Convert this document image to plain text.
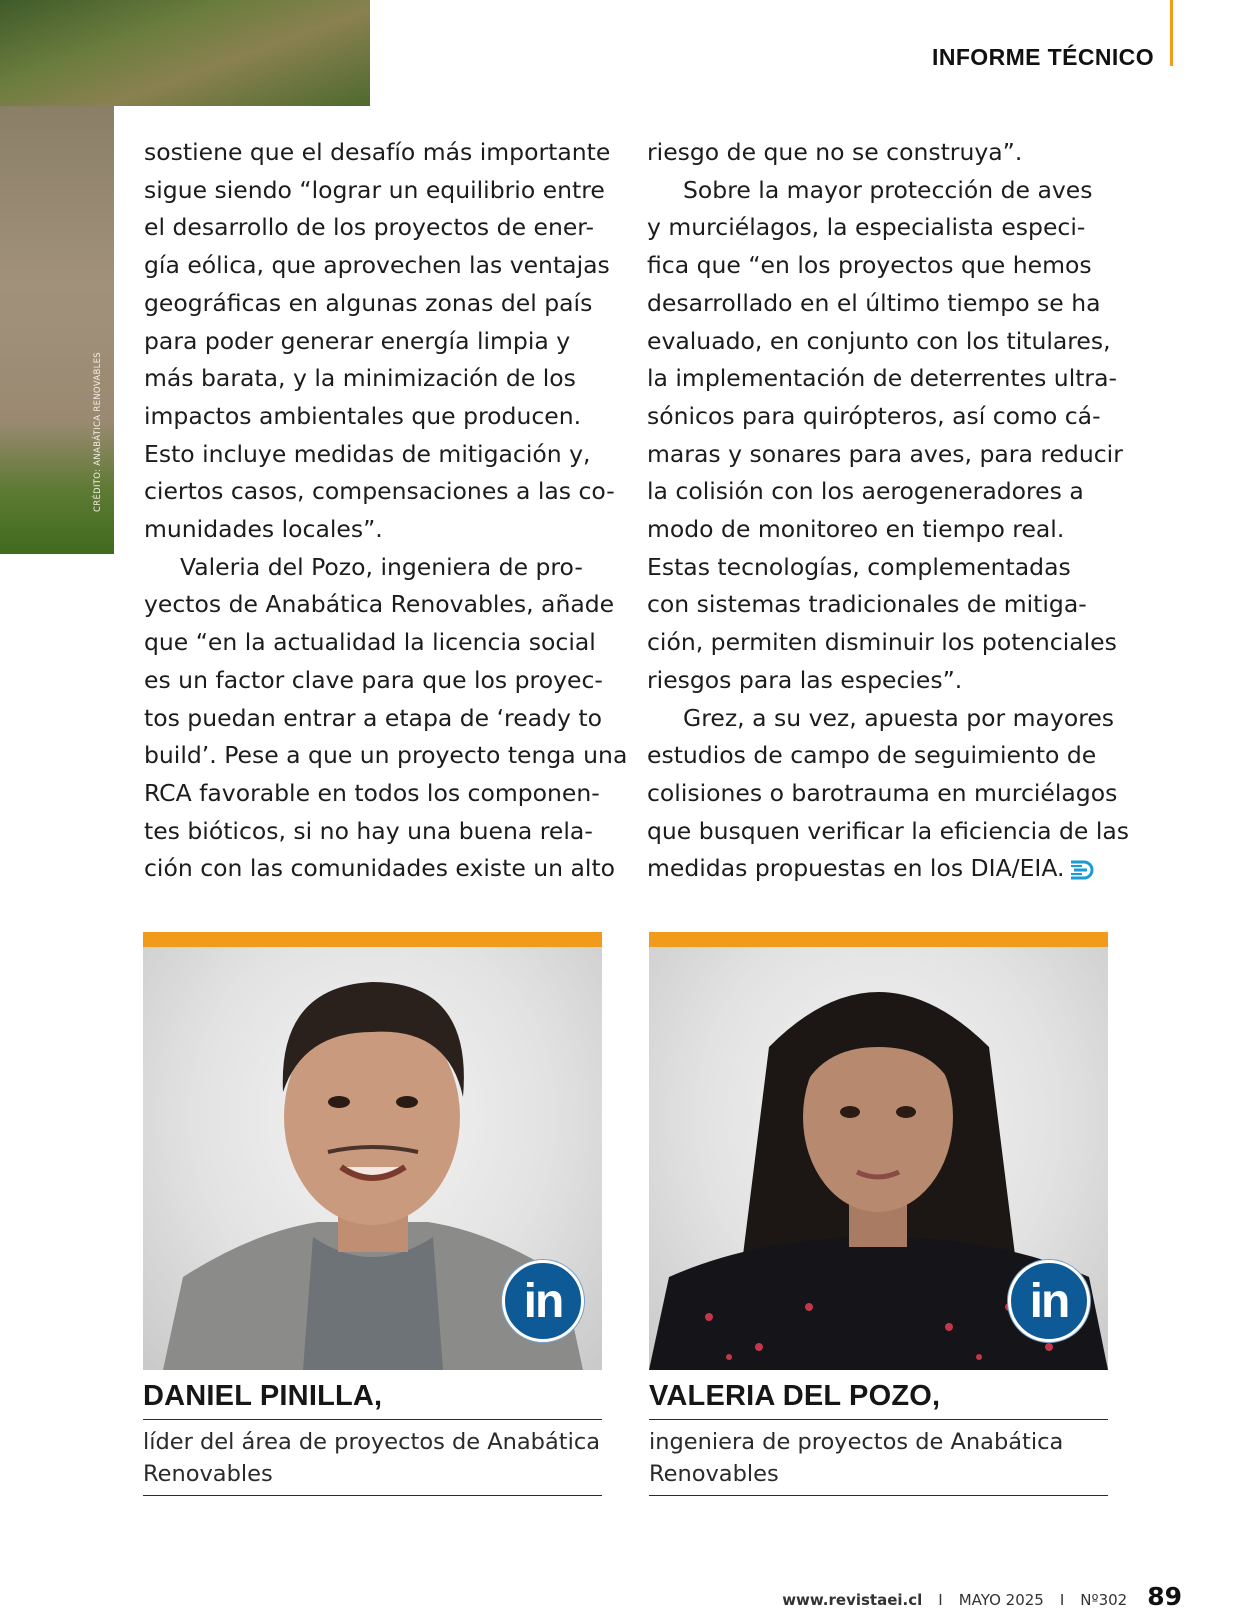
CRÉDITO: ANABÁTICA RENOVABLES
INFORME TÉCNICO

sostiene que el desafío más importante

sigue siendo “lograr un equilibrio entre

el desarrollo de los proyectos de ener-

gía eólica, que aprovechen las ventajas

geográficas en algunas zonas del país

para poder generar energía limpia y

más barata, y la minimización de los

impactos ambientales que producen.

Esto incluye medidas de mitigación y,

ciertos casos, compensaciones a las co-

munidades locales”.

Valeria del Pozo, ingeniera de pro-

yectos de Anabática Renovables, añade

que “en la actualidad la licencia social

es un factor clave para que los proyec-

tos puedan entrar a etapa de ‘ready to

build’. Pese a que un proyecto tenga una

RCA favorable en todos los componen-

tes bióticos, si no hay una buena rela-

ción con las comunidades existe un alto

riesgo de que no se construya”.

Sobre la mayor protección de aves

y murciélagos, la especialista especi-

fica que “en los proyectos que hemos

desarrollado en el último tiempo se ha

evaluado, en conjunto con los titulares,

la implementación de deterrentes ultra-

sónicos para quirópteros, así como cá-

maras y sonares para aves, para reducir

la colisión con los aerogeneradores a

modo de monitoreo en tiempo real.

Estas tecnologías, complementadas

con sistemas tradicionales de mitiga-

ción, permiten disminuir los potenciales

riesgos para las especies”.

Grez, a su vez, apuesta por mayores

estudios de campo de seguimiento de

colisiones o barotrauma en murciélagos

que busquen verificar la eficiencia de las

medidas propuestas en los DIA/EIA.

in
DANIEL PINILLA,
líder del área de proyectos de Anabática
Renovables
in
VALERIA DEL POZO,
ingeniera de proyectos de Anabática
Renovables
www.revistaei.cl I MAYO 2025 I Nº302 89
